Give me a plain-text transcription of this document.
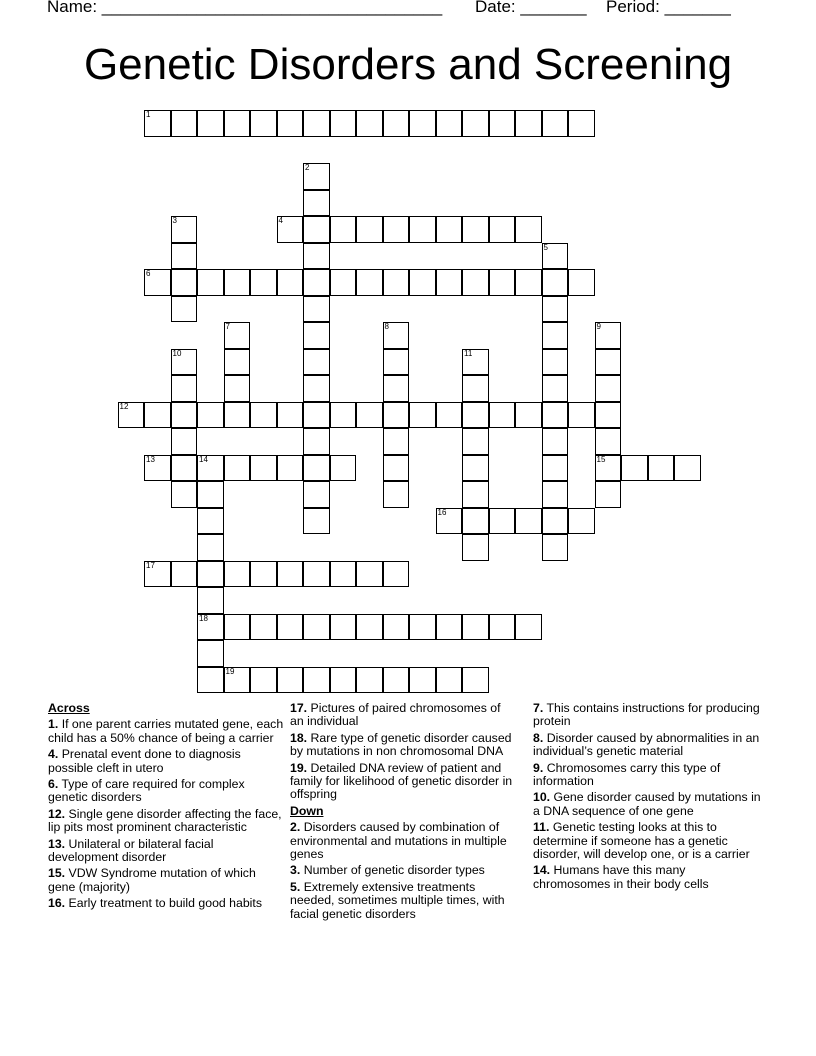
Name: ____________________________________ Date: _______ Period: _______
Genetic Disorders and Screening
1
2
3	4
5
6
7	8	9
15
10	11
12
13	14
18
16
17
19
Across
1. If one parent carries mutated gene, each child has a 50% chance of being a carrier
4. Prenatal event done to diagnosis possible cleft in utero
6. Type of care required for complex genetic disorders
12. Single gene disorder affecting the face, lip pits most prominent characteristic
13. Unilateral or bilateral facial development disorder
15. VDW Syndrome mutation of which gene (majority)
16. Early treatment to build good habits
17. Pictures of paired chromosomes of an individual
18. Rare type of genetic disorder caused by mutations in non chromosomal DNA
19. Detailed DNA review of patient and family for likelihood of genetic disorder in offspring
Down
2. Disorders caused by combination of environmental and mutations in multiple genes
3. Number of genetic disorder types
5. Extremely extensive treatments needed, sometimes multiple times, with facial genetic disorders
7. This contains instructions for producing protein
8. Disorder caused by abnormalities in an individual’s genetic material
9. Chromosomes carry this type of information
10. Gene disorder caused by mutations in a DNA sequence of one gene
11. Genetic testing looks at this to determine if someone has a genetic disorder, will develop one, or is a carrier
14. Humans have this many chromosomes in their body cells
